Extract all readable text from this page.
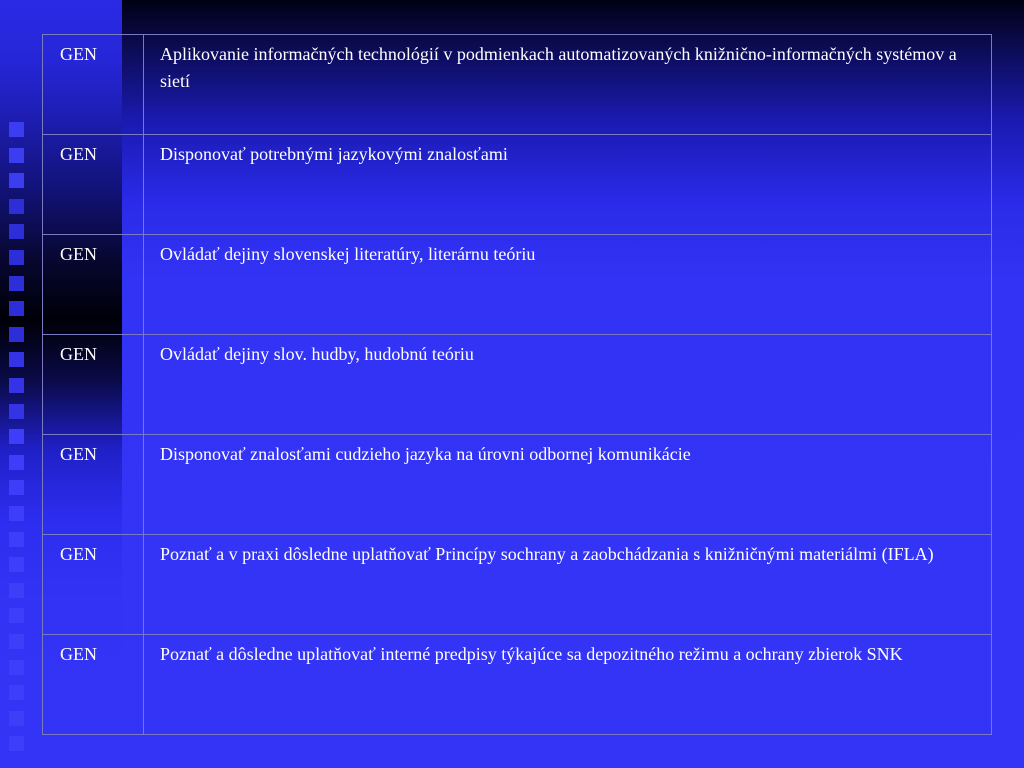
GEN	Aplikovanie informačných technológií v podmienkach automatizovaných knižnično-informačných systémov a sietí
GEN	Disponovať potrebnými jazykovými znalosťami
GEN	Ovládať dejiny slovenskej literatúry, literárnu teóriu
GEN	Ovládať dejiny slov. hudby, hudobnú teóriu
GEN	Disponovať znalosťami cudzieho jazyka na úrovni odbornej komunikácie
GEN	Poznať a v praxi dôsledne uplatňovať Princípy sochrany a zaobchádzania s knižničnými materiálmi (IFLA)
GEN	Poznať a dôsledne uplatňovať interné predpisy týkajúce sa depozitného režimu a ochrany zbierok SNK
